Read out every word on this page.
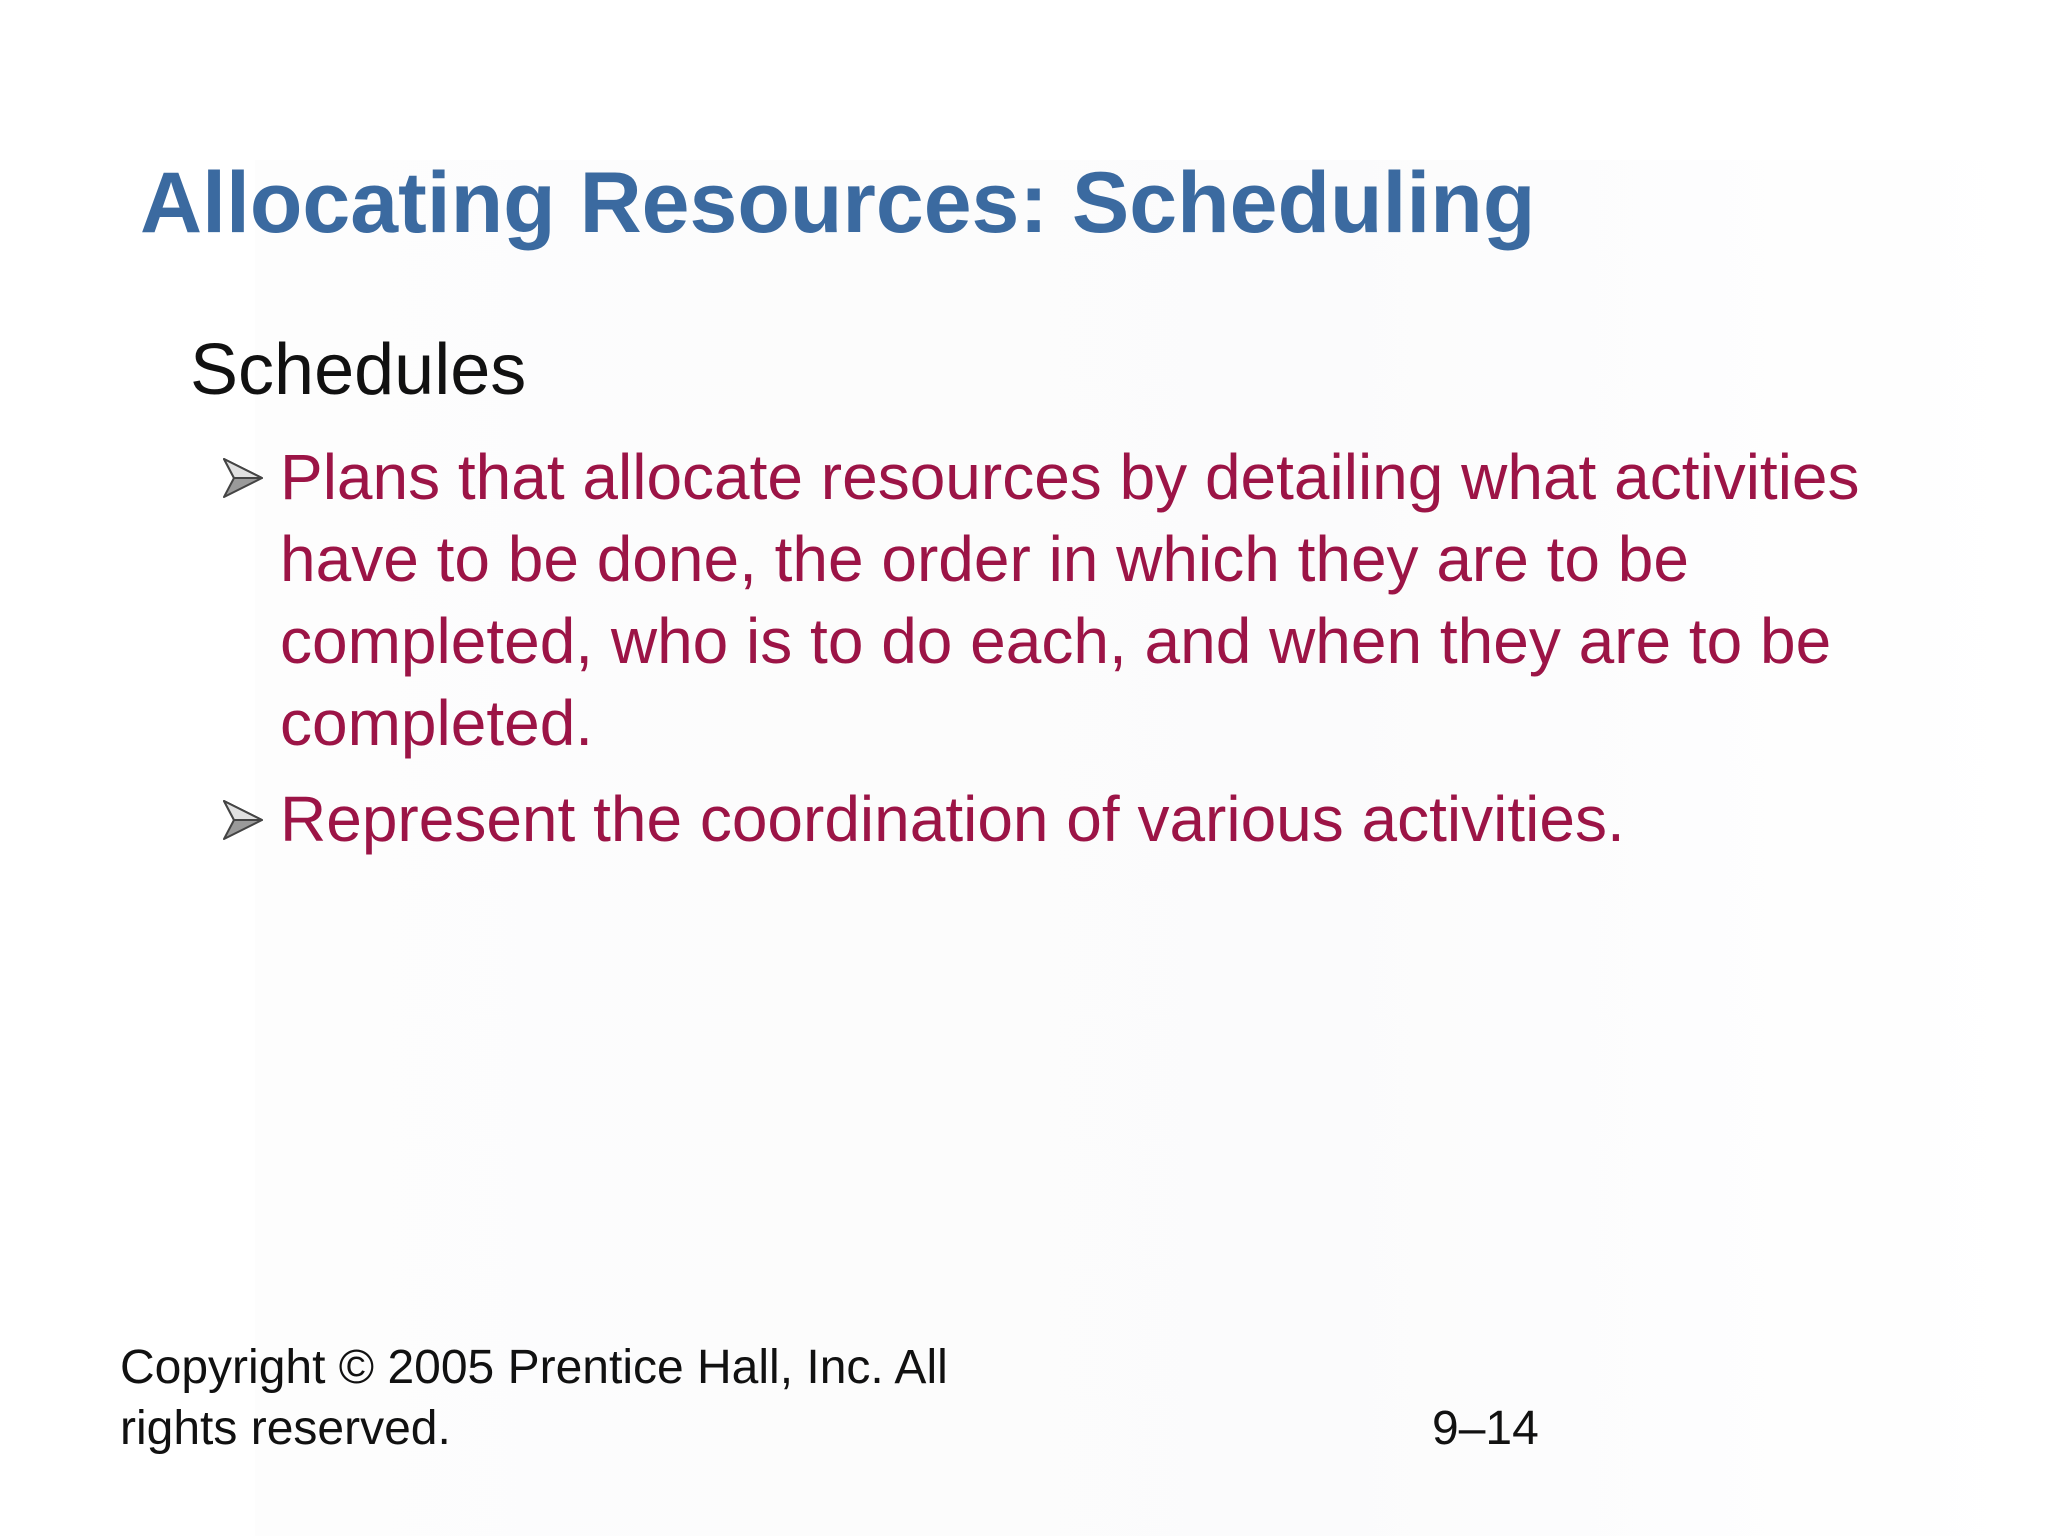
Allocating Resources: Scheduling
Schedules

Plans that allocate resources by detailing what activities have to be done, the order in which they are to be completed, who is to do each, and when they are to be completed.

Represent the coordination of various activities.

Copyright © 2005 Prentice Hall, Inc. All rights reserved.	9–14
